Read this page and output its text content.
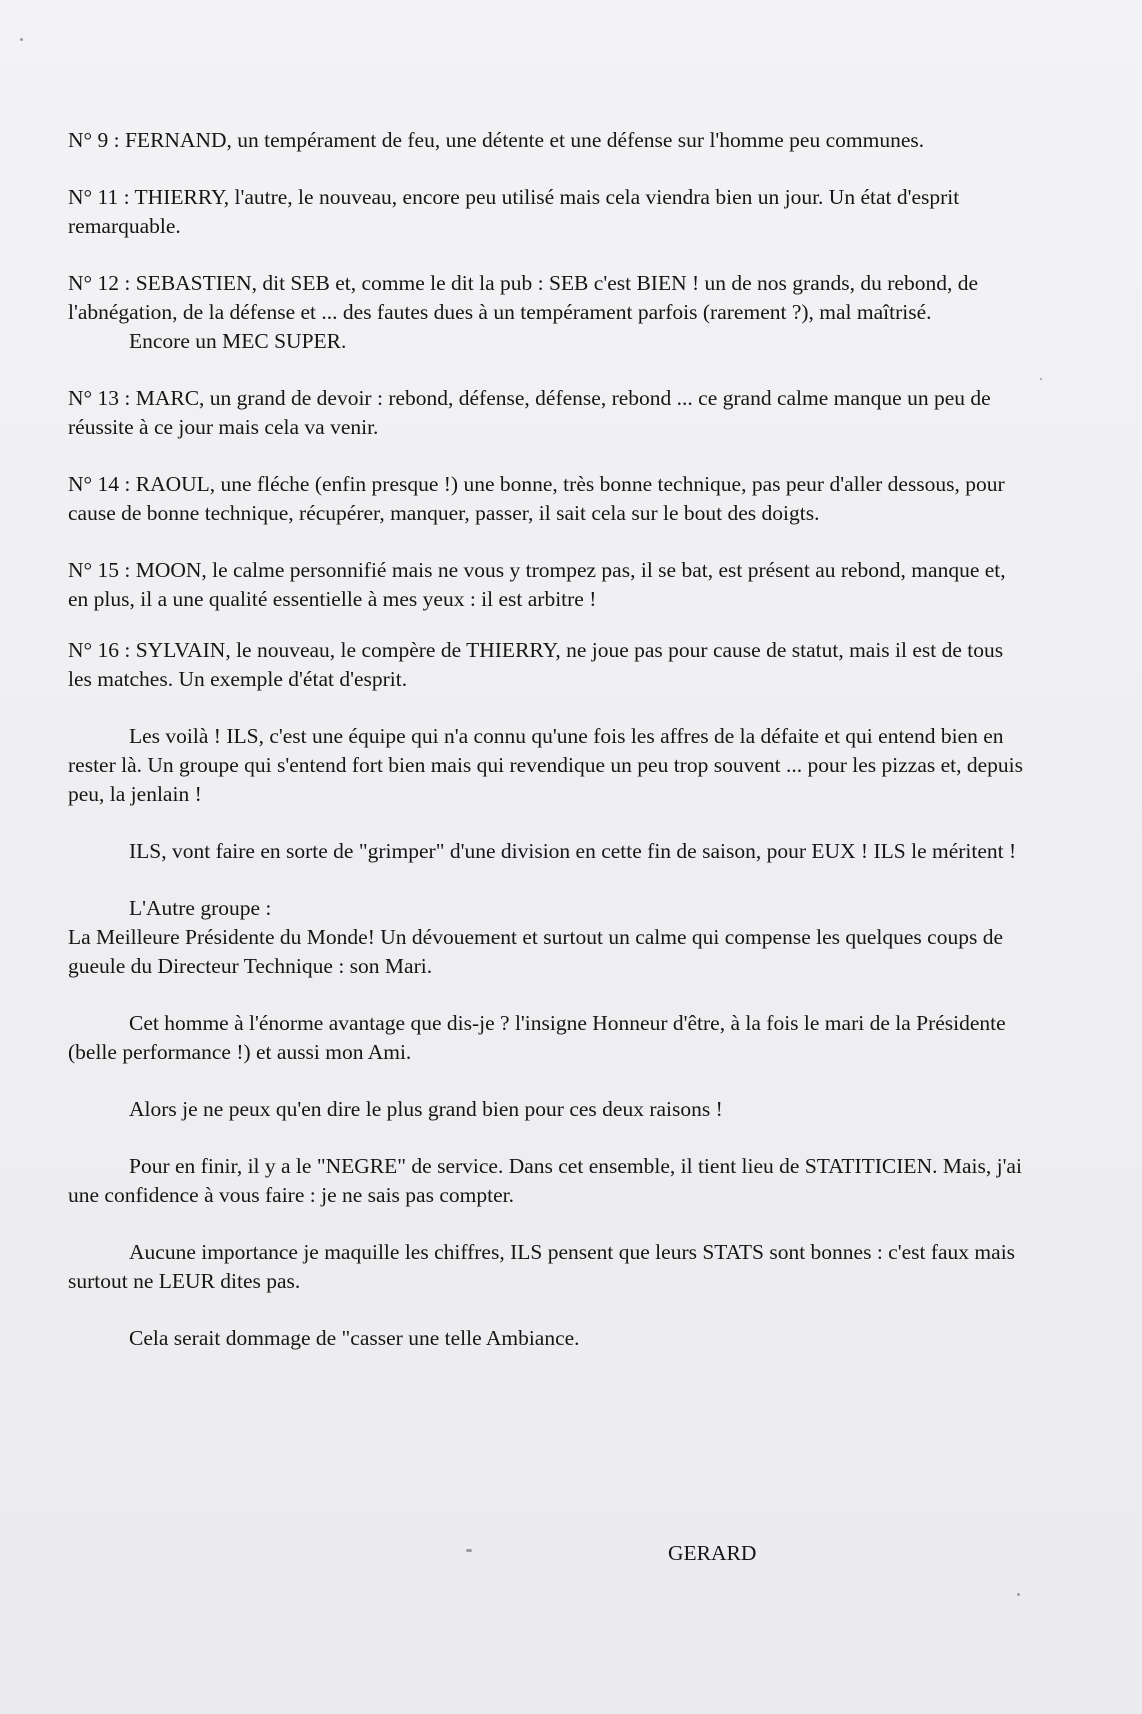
N° 9 : FERNAND, un tempérament de feu, une détente et une défense sur l'homme peu communes.

N° 11 : THIERRY, l'autre, le nouveau, encore peu utilisé mais cela viendra bien un jour. Un état d'esprit remarquable.

N° 12 : SEBASTIEN, dit SEB et, comme le dit la pub : SEB c'est BIEN ! un de nos grands, du rebond, de l'abnégation, de la défense et ... des fautes dues à un tempérament parfois (rarement ?), mal maîtrisé.
Encore un MEC SUPER.

N° 13 : MARC, un grand de devoir : rebond, défense, défense, rebond ... ce grand calme manque un peu de réussite à ce jour mais cela va venir.

N° 14 : RAOUL, une fléche (enfin presque !) une bonne, très bonne technique, pas peur d'aller dessous, pour cause de bonne technique, récupérer, manquer, passer, il sait cela sur le bout des doigts.

N° 15 : MOON, le calme personnifié mais ne vous y trompez pas, il se bat, est présent au rebond, manque et, en plus, il a une qualité essentielle à mes yeux : il est arbitre !

N° 16 : SYLVAIN, le nouveau, le compère de THIERRY, ne joue pas pour cause de statut, mais il est de tous les matches. Un exemple d'état d'esprit.

Les voilà ! ILS, c'est une équipe qui n'a connu qu'une fois les affres de la défaite et qui entend bien en rester là. Un groupe qui s'entend fort bien mais qui revendique un peu trop souvent ... pour les pizzas et, depuis peu, la jenlain !

ILS, vont faire en sorte de "grimper" d'une division en cette fin de saison, pour EUX ! ILS le méritent !

L'Autre groupe :
La Meilleure Présidente du Monde! Un dévouement et surtout un calme qui compense les quelques coups de gueule du Directeur Technique : son Mari.

Cet homme à l'énorme avantage que dis-je ? l'insigne Honneur d'être, à la fois le mari de la Présidente (belle performance !) et aussi mon Ami.

Alors je ne peux qu'en dire le plus grand bien pour ces deux raisons !

Pour en finir, il y a le "NEGRE" de service. Dans cet ensemble, il tient lieu de STATITICIEN. Mais, j'ai une confidence à vous faire : je ne sais pas compter.

Aucune importance je maquille les chiffres, ILS pensent que leurs STATS sont bonnes : c'est faux mais surtout ne LEUR dites pas.

Cela serait dommage de "casser une telle Ambiance.

GERARD
